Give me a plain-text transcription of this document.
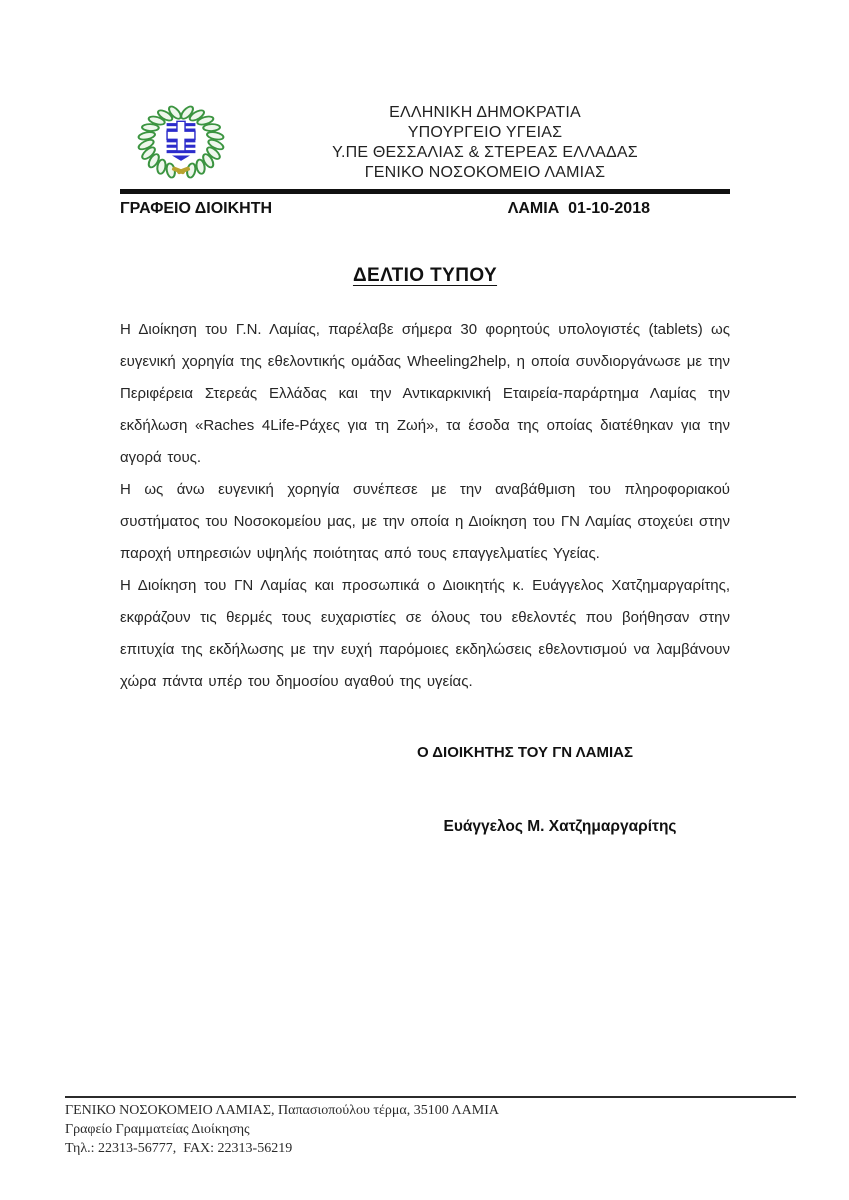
ΕΛΛΗΝΙΚΗ ΔΗΜΟΚΡΑΤΙΑ
ΥΠΟΥΡΓΕΙΟ ΥΓΕΙΑΣ
Υ.ΠΕ ΘΕΣΣΑΛΙΑΣ & ΣΤΕΡΕΑΣ ΕΛΛΑΔΑΣ
ΓΕΝΙΚΟ ΝΟΣΟΚΟΜΕΙΟ ΛΑΜΙΑΣ
ΓΡΑΦΕΙΟ ΔΙΟΙΚΗΤΗ	ΛΑΜΙΑ  01-10-2018
ΔΕΛΤΙΟ ΤΥΠΟΥ

Η Διοίκηση του Γ.Ν. Λαμίας, παρέλαβε σήμερα 30 φορητούς υπολογιστές (tablets) ως ευγενική χορηγία της εθελοντικής ομάδας Wheeling2help, η οποία συνδιοργάνωσε με την Περιφέρεια Στερεάς Ελλάδας και την Αντικαρκινική Εταιρεία-παράρτημα Λαμίας την εκδήλωση «Raches 4Life-Ράχες για τη Ζωή», τα έσοδα της οποίας διατέθηκαν για την αγορά τους.

Η ως άνω ευγενική χορηγία συνέπεσε με την αναβάθμιση του πληροφοριακού συστήματος του Νοσοκομείου μας, με την οποία η Διοίκηση του ΓΝ Λαμίας στοχεύει στην παροχή υπηρεσιών υψηλής ποιότητας από τους επαγγελματίες Υγείας.

Η Διοίκηση του ΓΝ Λαμίας και προσωπικά ο Διοικητής κ. Ευάγγελος Χατζημαργαρίτης, εκφράζουν τις θερμές τους ευχαριστίες σε όλους του εθελοντές που βοήθησαν στην επιτυχία της εκδήλωσης με την ευχή παρόμοιες εκδηλώσεις εθελοντισμού να λαμβάνουν χώρα πάντα υπέρ του δημοσίου αγαθού της υγείας.

Ο ΔΙΟΙΚΗΤΗΣ ΤΟΥ ΓΝ ΛΑΜΙΑΣ
Ευάγγελος Μ. Χατζημαργαρίτης
ΓΕΝΙΚΟ ΝΟΣΟΚΟΜΕΙΟ ΛΑΜΙΑΣ, Παπασιοπούλου τέρμα, 35100 ΛΑΜΙΑ
Γραφείο Γραμματείας Διοίκησης
Τηλ.: 22313-56777,  FAX: 22313-56219
